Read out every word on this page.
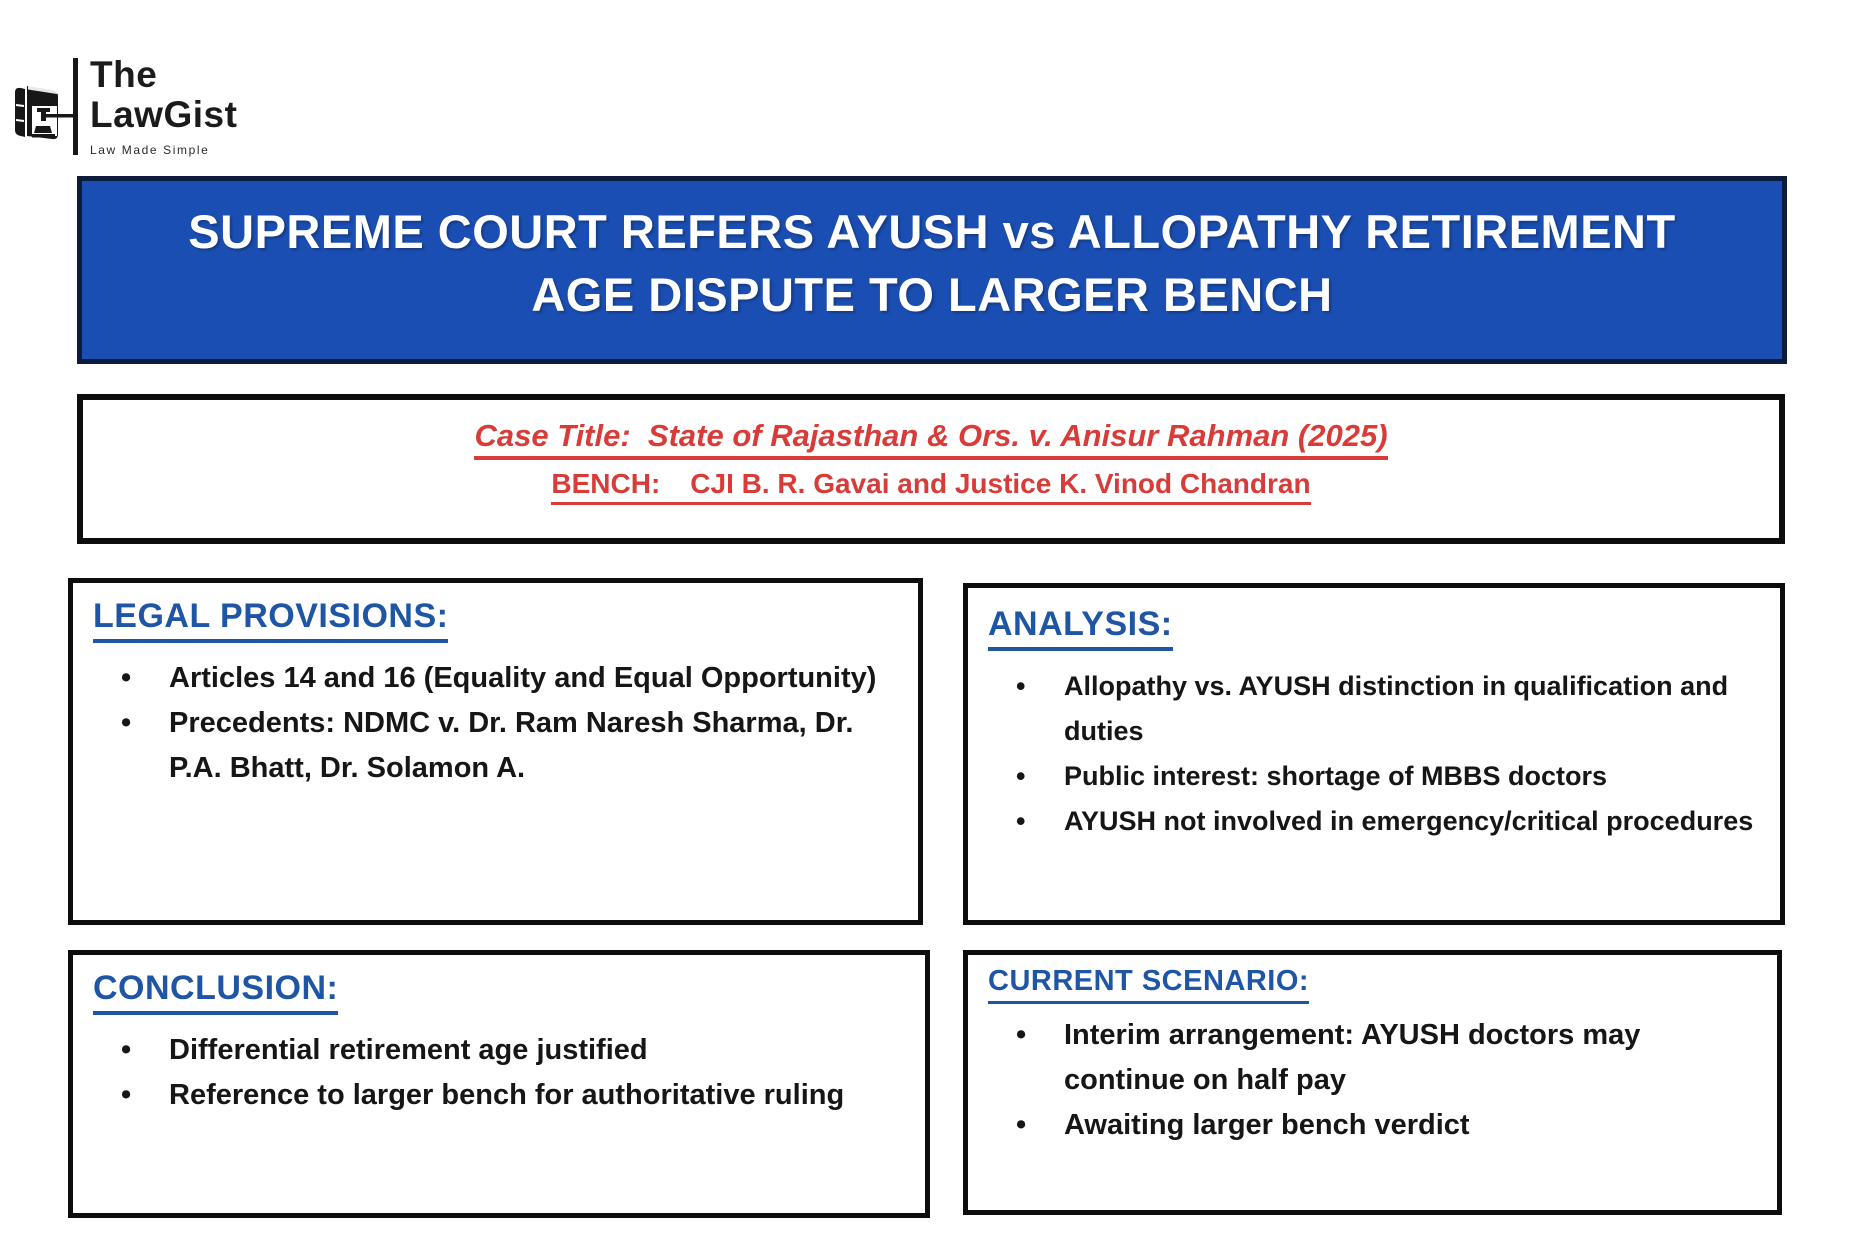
The
LawGist
Law Made Simple
SUPREME COURT REFERS AYUSH vs ALLOPATHY RETIREMENT
AGE DISPUTE TO LARGER BENCH
Case Title:  State of Rajasthan & Ors. v. Anisur Rahman (2025)
BENCH: CJI B. R. Gavai and Justice K. Vinod Chandran
LEGAL PROVISIONS:
• Articles 14 and 16 (Equality and Equal Opportunity)
• Precedents: NDMC v. Dr. Ram Naresh Sharma, Dr. P.A. Bhatt, Dr. Solamon A.
ANALYSIS:
• Allopathy vs. AYUSH distinction in qualification and duties
• Public interest: shortage of MBBS doctors
• AYUSH not involved in emergency/critical procedures
CONCLUSION:
• Differential retirement age justified
• Reference to larger bench for authoritative ruling
CURRENT SCENARIO:
• Interim arrangement: AYUSH doctors may continue on half pay
• Awaiting larger bench verdict
